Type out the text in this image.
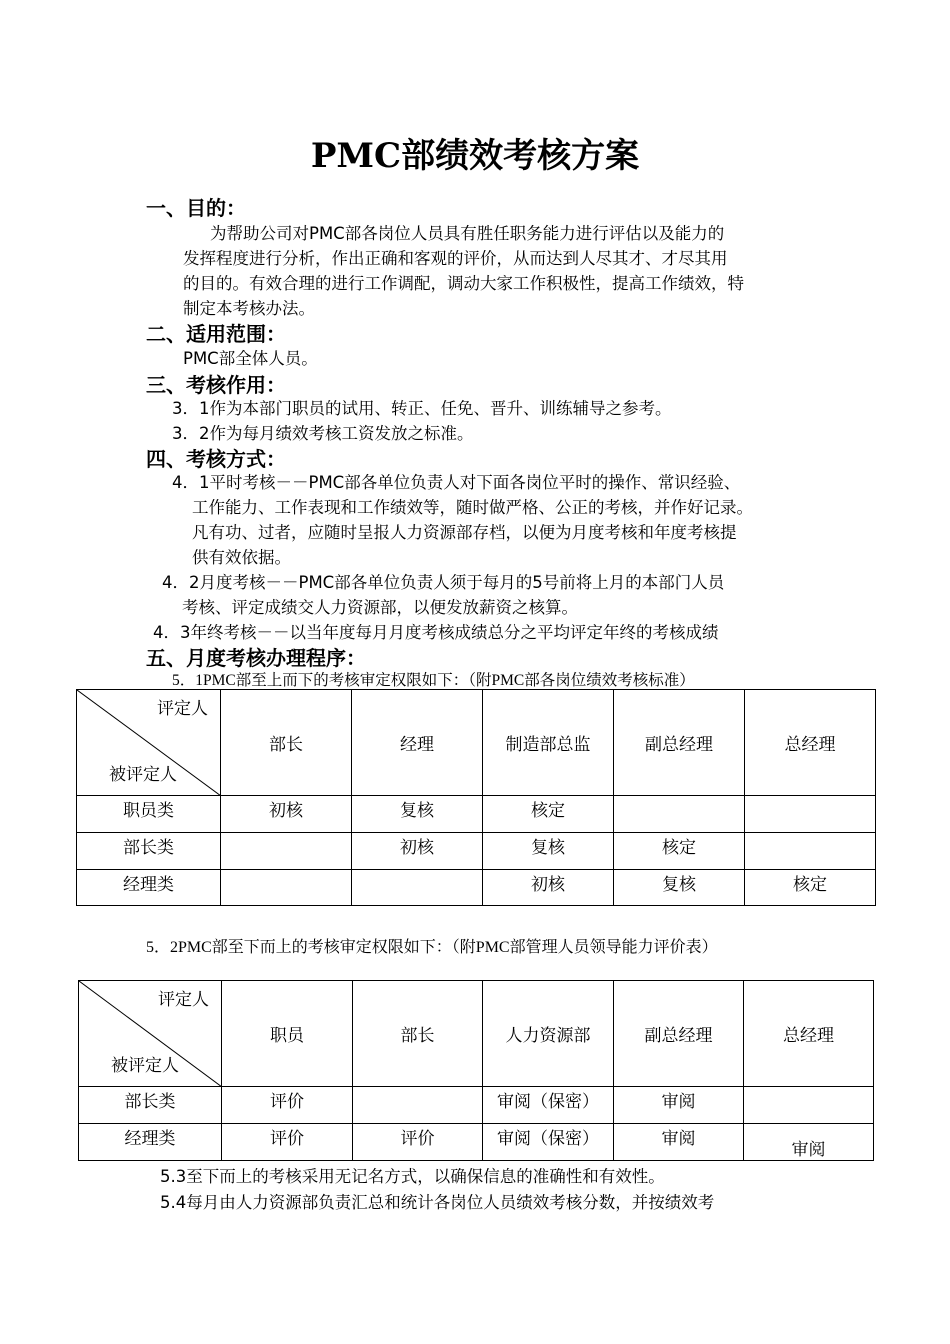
PMC部绩效考核方案
一、目的：
为帮助公司对PMC部各岗位人员具有胜任职务能力进行评估以及能力的
发挥程度进行分析，作出正确和客观的评价，从而达到人尽其才、才尽其用
的目的。有效合理的进行工作调配，调动大家工作积极性，提高工作绩效，特
制定本考核办法。
二、适用范围：
PMC部全体人员。
三、考核作用：
3．1作为本部门职员的试用、转正、任免、晋升、训练辅导之参考。
3．2作为每月绩效考核工资发放之标准。
四、考核方式：
4．1平时考核－－PMC部各单位负责人对下面各岗位平时的操作、常识经验、
工作能力、工作表现和工作绩效等，随时做严格、公正的考核，并作好记录。
凡有功、过者，应随时呈报人力资源部存档，以便为月度考核和年度考核提
供有效依据。
4．2月度考核－－PMC部各单位负责人须于每月的5号前将上月的本部门人员
考核、评定成绩交人力资源部，以便发放薪资之核算。
4．3年终考核－－以当年度每月月度考核成绩总分之平均评定年终的考核成绩
五、月度考核办理程序：
5．1PMC部至上而下的考核审定权限如下：（附PMC部各岗位绩效考核标准）
评定人
被评定人	部长	经理	制造部总监	副总经理	总经理
职员类	初核	复核	核定		
部长类		初核	复核	核定	
经理类			初核	复核	核定
5．2PMC部至下而上的考核审定权限如下：（附PMC部管理人员领导能力评价表）
评定人
被评定人	职员	部长	人力资源部	副总经理	总经理
部长类	评价		审阅（保密）	审阅	
经理类	评价	评价	审阅（保密）	审阅	审阅
5.3至下而上的考核采用无记名方式，以确保信息的准确性和有效性。
5.4每月由人力资源部负责汇总和统计各岗位人员绩效考核分数，并按绩效考
